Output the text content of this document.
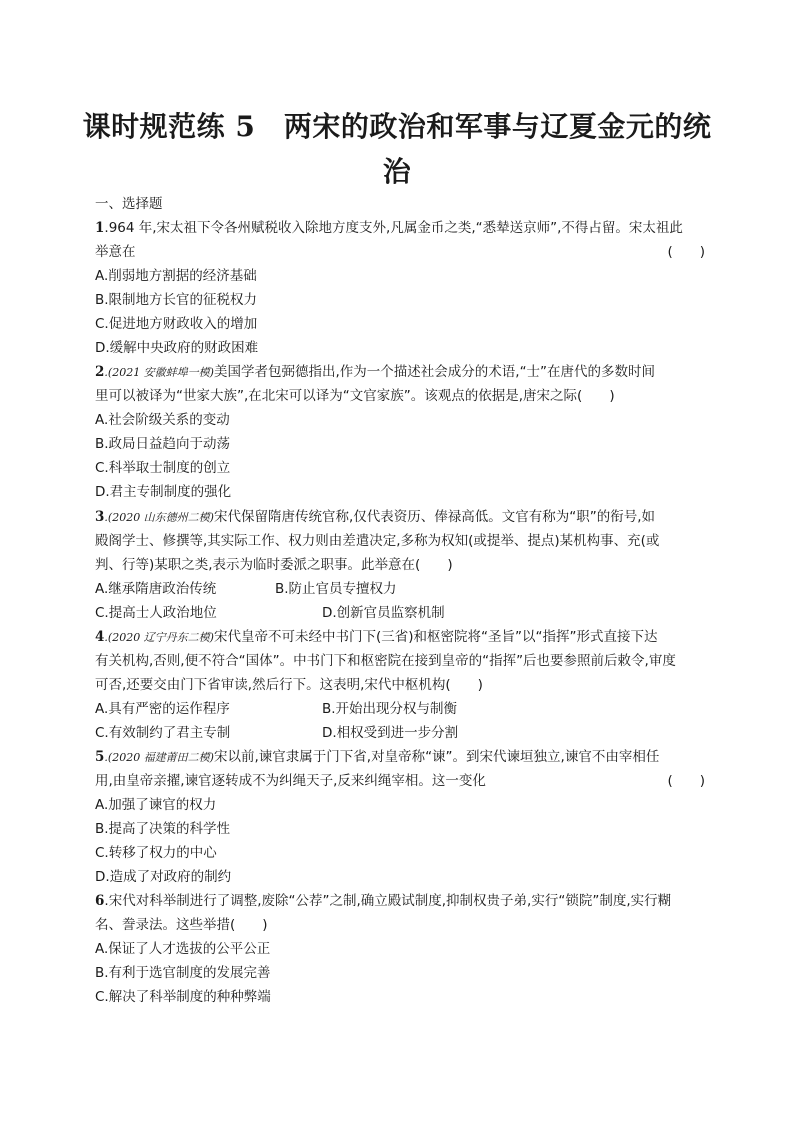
课时规范练 5　两宋的政治和军事与辽夏金元的统
治
一、选择题
1.964 年,宋太祖下令各州赋税收入除地方度支外,凡属金币之类,“悉辇送京师”,不得占留。宋太祖此
举意在	(　　)
A.削弱地方割据的经济基础
B.限制地方长官的征税权力
C.促进地方财政收入的增加
D.缓解中央政府的财政困难
2.(2021 安徽蚌埠一模)美国学者包弼德指出,作为一个描述社会成分的术语,“士”在唐代的多数时间
里可以被译为“世家大族”,在北宋可以译为“文官家族”。该观点的依据是,唐宋之际(　　)
A.社会阶级关系的变动
B.政局日益趋向于动荡
C.科举取士制度的创立
D.君主专制制度的强化
3.(2020 山东德州二模)宋代保留隋唐传统官称,仅代表资历、俸禄高低。文官有称为“职”的衔号,如
殿阁学士、修撰等,其实际工作、权力则由差遣决定,多称为权知(或提举、提点)某机构事、充(或
判、行等)某职之类,表示为临时委派之职事。此举意在(　　)
A.继承隋唐政治传统	B.防止官员专擅权力
C.提高士人政治地位	D.创新官员监察机制
4.(2020 辽宁丹东二模)宋代皇帝不可未经中书门下(三省)和枢密院将“圣旨”以“指挥”形式直接下达
有关机构,否则,便不符合“国体”。中书门下和枢密院在接到皇帝的“指挥”后也要参照前后敕令,审度
可否,还要交由门下省审读,然后行下。这表明,宋代中枢机构(　　)
A.具有严密的运作程序	B.开始出现分权与制衡
C.有效制约了君主专制	D.相权受到进一步分割
5.(2020 福建莆田二模)宋以前,谏官隶属于门下省,对皇帝称“谏”。到宋代谏垣独立,谏官不由宰相任
用,由皇帝亲擢,谏官逐转成不为纠绳天子,反来纠绳宰相。这一变化	(　　)
A.加强了谏官的权力
B.提高了决策的科学性
C.转移了权力的中心
D.造成了对政府的制约
6.宋代对科举制进行了调整,废除“公荐”之制,确立殿试制度,抑制权贵子弟,实行“锁院”制度,实行糊
名、誊录法。这些举措(　　)
A.保证了人才选拔的公平公正
B.有利于选官制度的发展完善
C.解决了科举制度的种种弊端
